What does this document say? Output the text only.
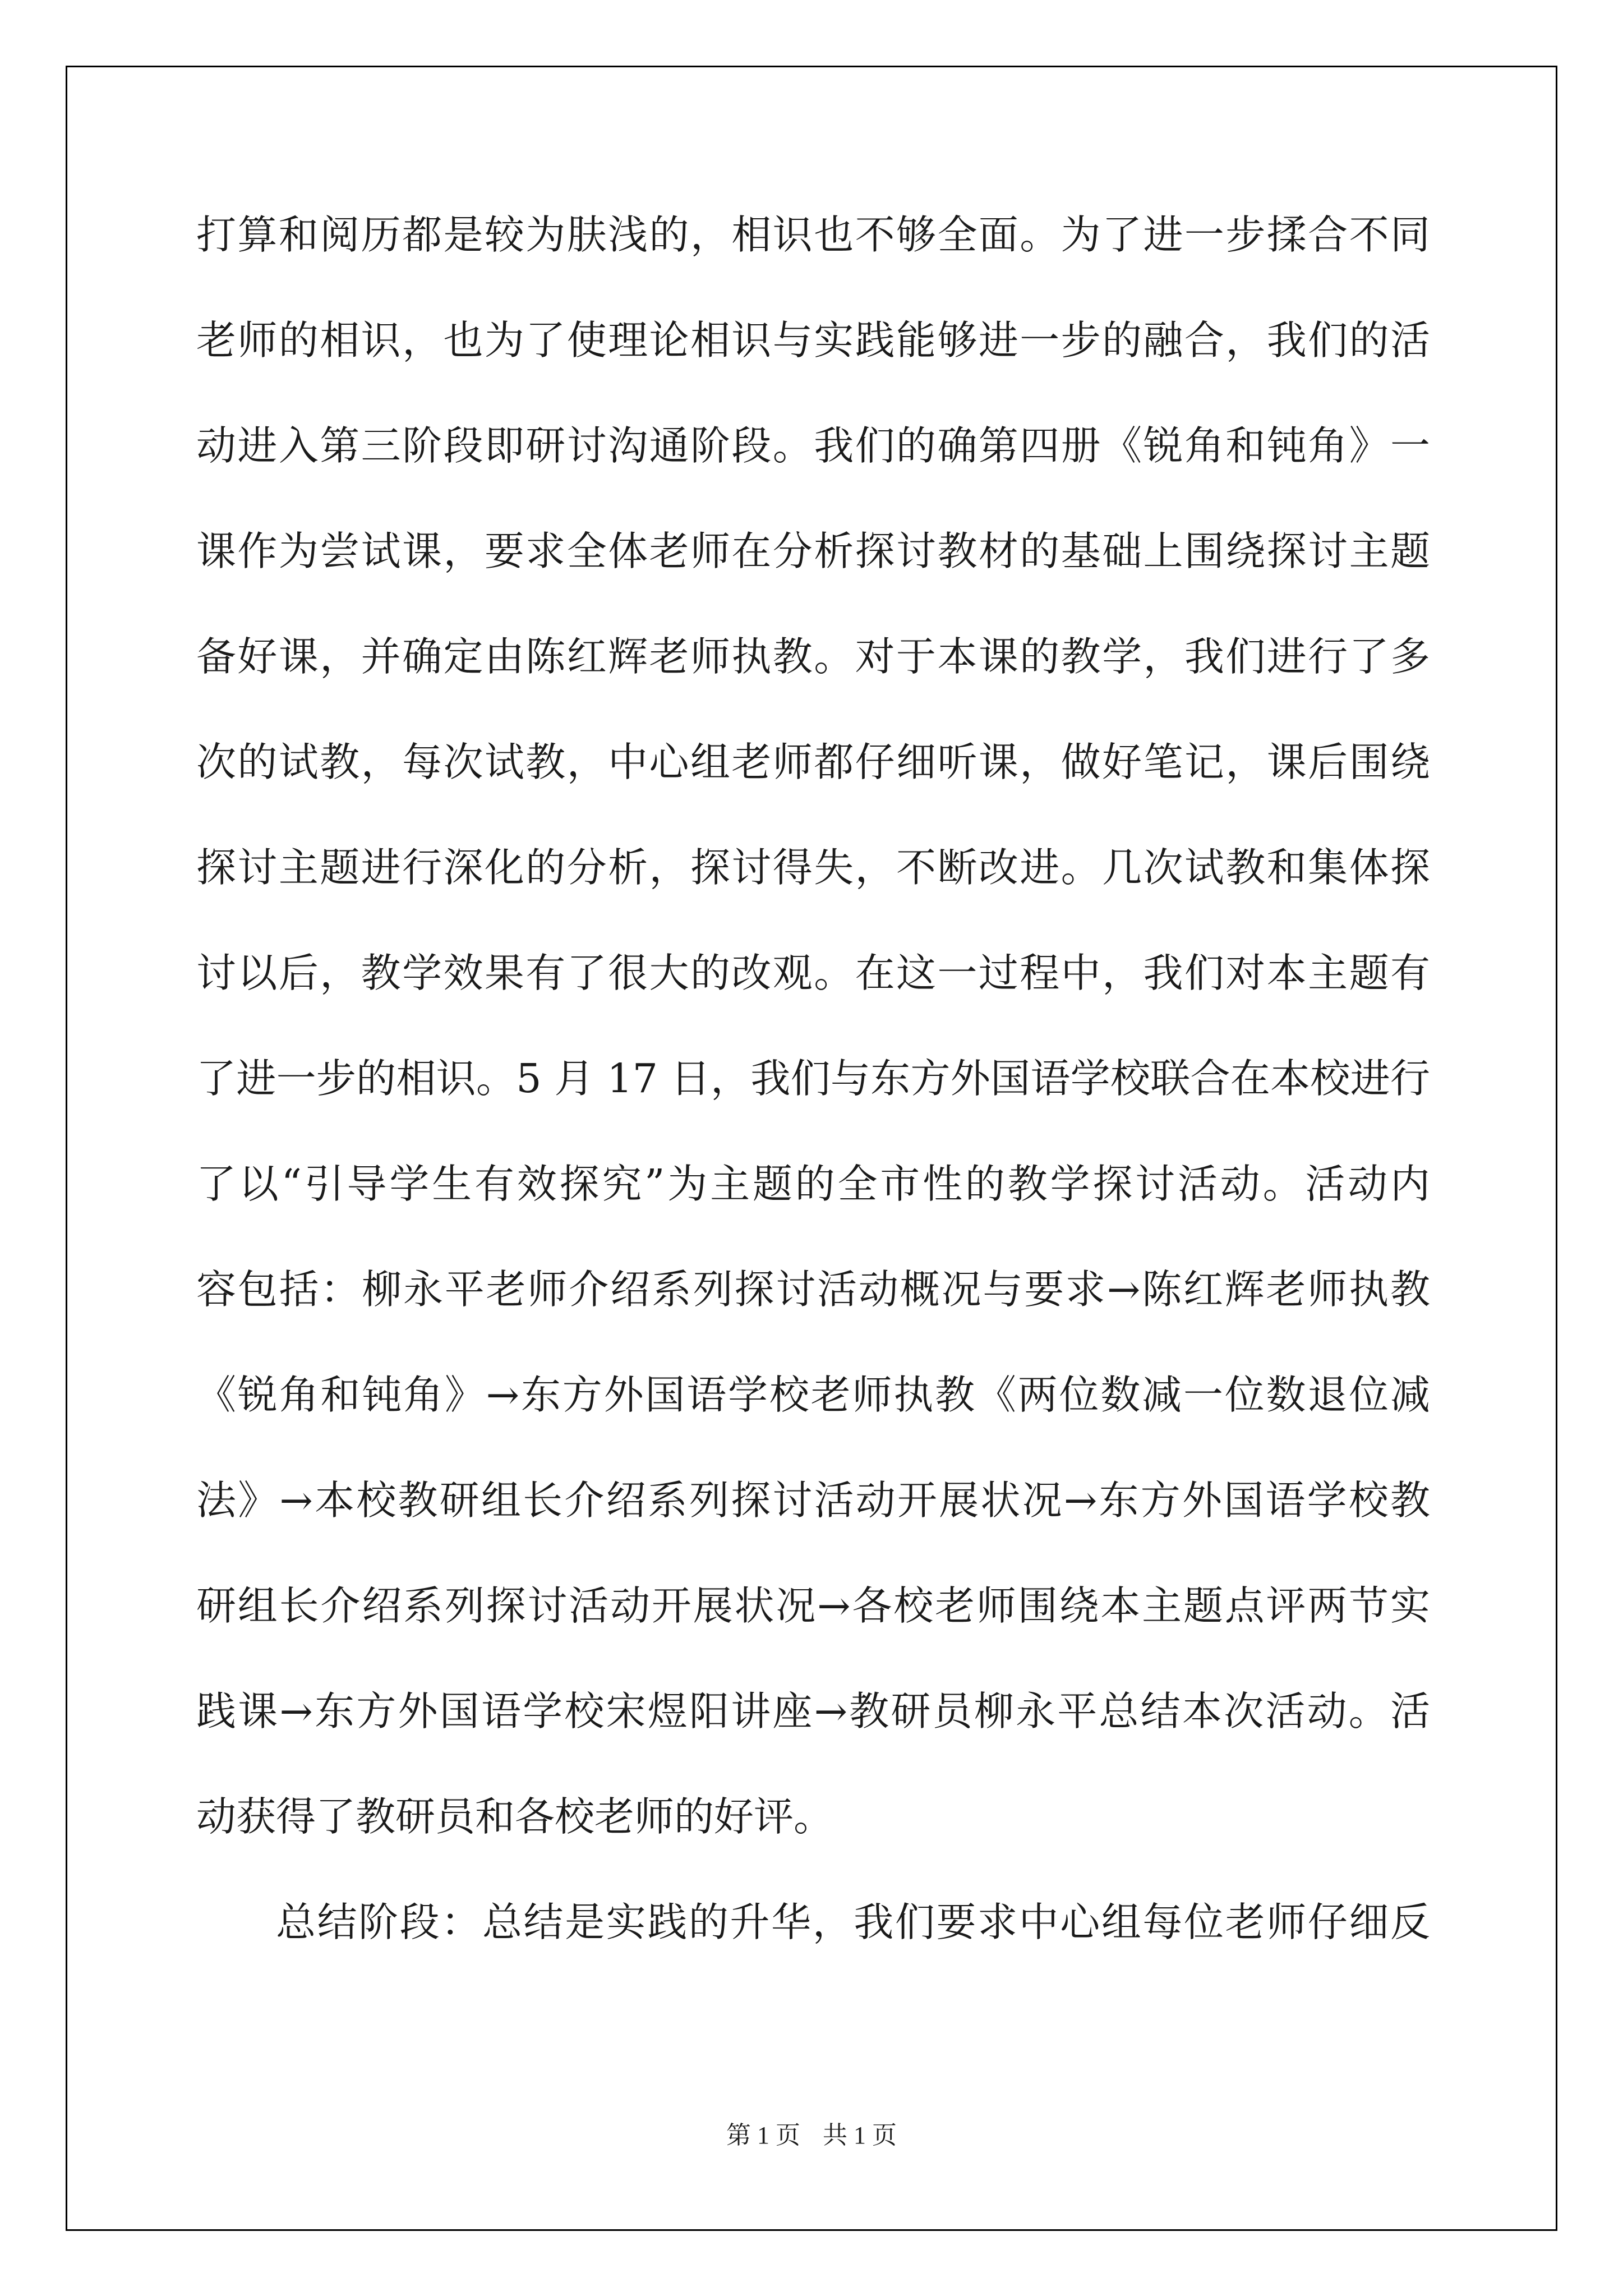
打算和阅历都是较为肤浅的，相识也不够全面。为了进一步揉合不同
老师的相识，也为了使理论相识与实践能够进一步的融合，我们的活
动进入第三阶段即研讨沟通阶段。我们的确第四册《锐角和钝角》一
课作为尝试课，要求全体老师在分析探讨教材的基础上围绕探讨主题
备好课，并确定由陈红辉老师执教。对于本课的教学，我们进行了多
次的试教，每次试教，中心组老师都仔细听课，做好笔记，课后围绕
探讨主题进行深化的分析，探讨得失，不断改进。几次试教和集体探
讨以后，教学效果有了很大的改观。在这一过程中，我们对本主题有
了进一步的相识。5 月 17 日，我们与东方外国语学校联合在本校进行
了以“引导学生有效探究”为主题的全市性的教学探讨活动。活动内
容包括：柳永平老师介绍系列探讨活动概况与要求→陈红辉老师执教
《锐角和钝角》→东方外国语学校老师执教《两位数减一位数退位减
法》→本校教研组长介绍系列探讨活动开展状况→东方外国语学校教
研组长介绍系列探讨活动开展状况→各校老师围绕本主题点评两节实
践课→东方外国语学校宋煜阳讲座→教研员柳永平总结本次活动。活
动获得了教研员和各校老师的好评。
总结阶段：总结是实践的升华，我们要求中心组每位老师仔细反
第 1 页 共 1 页
